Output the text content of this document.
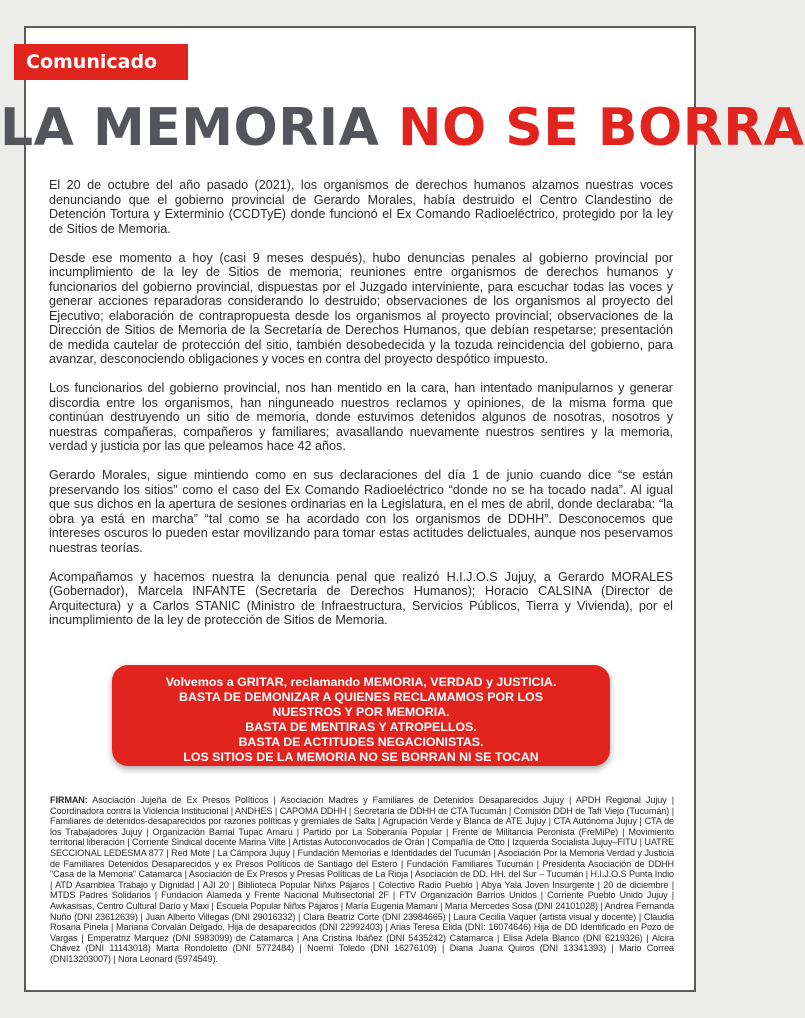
Comunicado
LA MEMORIA NO SE BORRA

El 20 de octubre del año pasado (2021), los organismos de derechos humanos alzamos nuestras voces denunciando que el gobierno provincial de Gerardo Morales, había destruido el Centro Clandestino de Detención Tortura y Exterminio (CCDTyE) donde funcionó el Ex Comando Radioeléctrico, protegido por la ley de Sitios de Memoria.

Desde ese momento a hoy (casi 9 meses después), hubo denuncias penales al gobierno provincial por incumplimiento de la ley de Sitios de memoria; reuniones entre organismos de derechos humanos y funcionarios del gobierno provincial, dispuestas por el Juzgado interviniente, para escuchar todas las voces y generar acciones reparadoras considerando lo destruido; observaciones de los organismos al proyecto del Ejecutivo; elaboración de contrapropuesta desde los organismos al proyecto provincial; observaciones de la Dirección de Sitios de Memoria de la Secretaría de Derechos Humanos, que debían respetarse; presentación de medida cautelar de protección del sitio, también desobedecida y la tozuda reincidencia del gobierno, para avanzar, desconociendo obligaciones y voces en contra del proyecto despótico impuesto.

Los funcionarios del gobierno provincial, nos han mentido en la cara, han intentado manipularnos y generar discordia entre los organismos, han ninguneado nuestros reclamos y opiniones, de la misma forma que continúan destruyendo un sitio de memoria, donde estuvimos detenidos algunos de nosotras, nosotros y nuestras compañeras, compañeros y familiares; avasallando nuevamente nuestros sentires y la memoria, verdad y justicia por las que peleamos hace 42 años.

Gerardo Morales, sigue mintiendo como en sus declaraciones del día 1 de junio cuando dice “se están preservando los sitios” como el caso del Ex Comando Radioeléctrico “donde no se ha tocado nada”. Al igual que sus dichos en la apertura de sesiones ordinarias en la Legislatura, en el mes de abril, donde declaraba: “la obra ya está en marcha” “tal como se ha acordado con los organismos de DDHH”. Desconocemos que intereses oscuros lo pueden estar movilizando para tomar estas actitudes delictuales, aunque nos peservamos nuestras teorías.

Acompañamos y hacemos nuestra la denuncia penal que realizó H.I.J.O.S Jujuy, a Gerardo MORALES (Gobernador), Marcela INFANTE (Secretaria de Derechos Humanos); Horacio CALSINA (Director de Arquitectura) y a Carlos STANIC (Ministro de Infraestructura, Servicios Públicos, Tierra y Vivienda), por el incumplimiento de la ley de protección de Sitios de Memoria.

Volvemos a GRITAR, reclamando MEMORIA, VERDAD y JUSTICIA.
BASTA DE DEMONIZAR A QUIENES RECLAMAMOS POR LOS
NUESTROS Y POR MEMORIA.
BASTA DE MENTIRAS Y ATROPELLOS.
BASTA DE ACTITUDES NEGACIONISTAS.
LOS SITIOS DE LA MEMORIA NO SE BORRAN NI SE TOCAN
FIRMAN: Asociación Jujeña de Ex Presos Políticos | Asociación Madres y Familiares de Detenidos Desaparecidos Jujuy | APDH Regional Jujuy | Coordinadora contra la Violencia Institucional | ANDHES | CAPOMA DDHH | Secretaría de DDHH de CTA Tucumán | Comisión DDH de Tafí Viejo (Tucumán) | Familiares de detenidos-desaparecidos por razones políticas y gremiales de Salta | Agrupación Verde y Blanca de ATE Jujuy | CTA Autónoma Jujuy | CTA de los Trabajadores Jujuy | Organización Barrial Tupac Amaru | Partido por La Soberanía Popular | Frente de Militancia Peronista (FreMiPe) | Movimiento territorial liberación | Corriente Sindical docente Marina Vilte | Artistas Autoconvocados de Orán | Compañía de Otto | Izquierda Socialista Jujuy–FITU | UATRE SECCIONAL LEDESMA 877 | Red Mote | La Cámpora Jujuy | Fundación Memorias e Identidades del Tucumán | Asociación Por la Memoria Verdad y Justicia de Familiares Detenidos Desaparecidos y ex Presos Políticos de Santiago del Estero | Fundación Familiares Tucumán | Presidenta Asociación de DDHH "Casa de la Memoria" Catamarca | Asociación de Ex Presos y Presas Políticas de La Rioja | Asociación de DD. HH. del Sur – Tucumán | H.I.J.O.S Punta Indio | ATD Asamblea Trabajo y Dignidad | AJI 20 | Biblioteca Popular Niñxs Pájaros | Colectivo Radio Pueblo | Abya Yala Joven Insurgente | 20 de diciembre | MTDS Padres Solidarios | Fundacion Alameda y Frente Nacional Multisectorial 2F | FTV Organización Barrios Unidos | Corriente Pueblo Unido Jujuy | Awkasisas, Centro Cultural Darío y Maxi | Escuela Popular Niñxs Pájaros | María Eugenia Mamani | María Mercedes Sosa (DNI 24101028) | Andrea Fernanda Nuño (DNI 23612639) | Juan Alberto Villegas (DNI 29016332) | Clara Beatriz Corte (DNI 23984665) | Laura Cecilia Vaquer (artista visual y docente) | Claudia Rosana Pinela | Mariana Corvalán Delgado, Hija de desaparecidos (DNI 22992403) | Arias Teresa Elida (DNI: 16074646) Hija de DD Identificado en Pozo de Vargas | Emperatriz Marquez (DNI 5983099) de Catamarca | Ana Cristina Ibáñez (DNI 5435242) Catamarca | Elisa Adela Blanco (DNI 6219326) | Alcira Chávez (DNI 11143018) Marta Rondoletto (DNI 5772484) | Noemí Toledo (DNI 16276109) | Diana Juana Quiros (DNI 13341393) | Mario Correa (DNI13203007) | Nora Leonard (5974549).
